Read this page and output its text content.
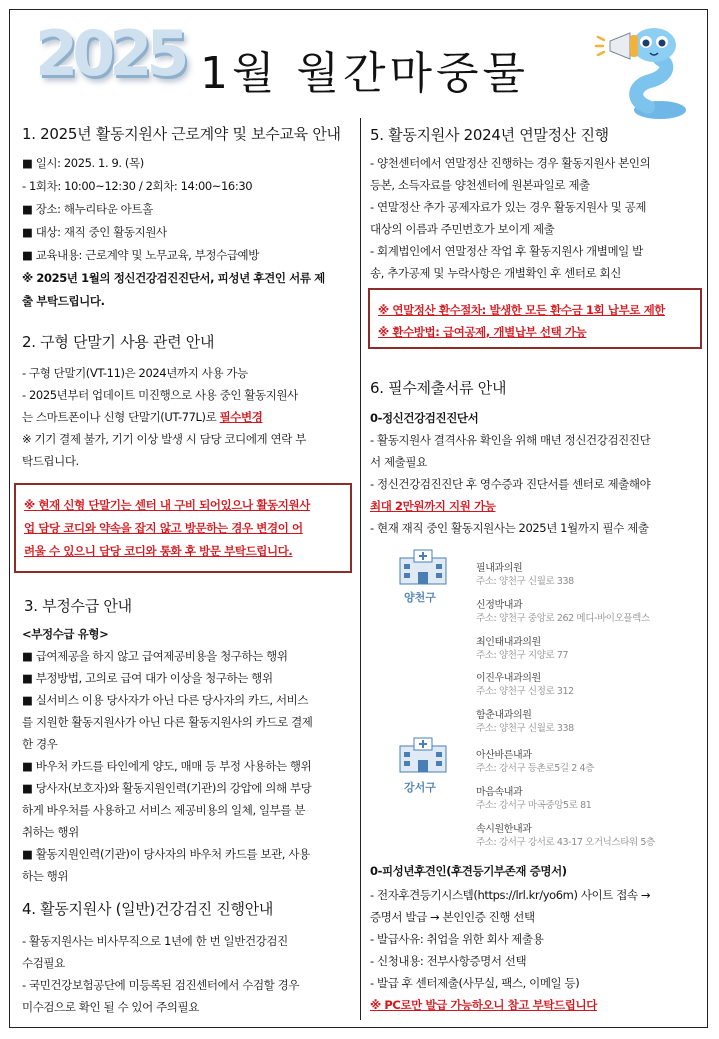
2025 1월 월간마중물
1. 2025년 활동지원사 근로계약 및 보수교육 안내
■ 일시: 2025. 1. 9. (목)
- 1회차: 10:00~12:30 / 2회차: 14:00~16:30
■ 장소: 해누리타운 아트홀
■ 대상: 재직 중인 활동지원사
■ 교육내용: 근로계약 및 노무교육, 부정수급예방
※ 2025년 1월의 정신건강검진진단서, 피성년 후견인 서류 제
출 부탁드립니다.
2. 구형 단말기 사용 관련 안내
- 구형 단말기(VT-11)은 2024년까지 사용 가능
- 2025년부터 업데이트 미진행으로 사용 중인 활동지원사
는 스마트폰이나 신형 단말기(UT-77L)로 필수변경
※ 기기 결제 불가, 기기 이상 발생 시 담당 코디에게 연락 부
탁드립니다.
※ 현재 신형 단말기는 센터 내 구비 되어있으나 활동지원사
업 담당 코디와 약속을 잡지 않고 방문하는 경우 변경이 어
려울 수 있으니 담당 코디와 통화 후 방문 부탁드립니다.
3. 부정수급 안내
<부정수급 유형>
■ 급여제공을 하지 않고 급여제공비용을 청구하는 행위
■ 부정방법, 고의로 급여 대가 이상을 청구하는 행위
■ 실서비스 이용 당사자가 아닌 다른 당사자의 카드, 서비스
를 지원한 활동지원사가 아닌 다른 활동지원사의 카드로 결제
한 경우
■ 바우처 카드를 타인에게 양도, 매매 등 부정 사용하는 행위
■ 당사자(보호자)와 활동지원인력(기관)의 강압에 의해 부당
하게 바우처를 사용하고 서비스 제공비용의 일체, 일부를 분
취하는 행위
■ 활동지원인력(기관)이 당사자의 바우처 카드를 보관, 사용
하는 행위
4. 활동지원사 (일반)건강검진 진행안내
- 활동지원사는 비사무직으로 1년에 한 번 일반건강검진
수검필요
- 국민건강보험공단에 미등록된 검진센터에서 수검할 경우
미수검으로 확인 될 수 있어 주의필요
5. 활동지원사 2024년 연말정산 진행
- 양천센터에서 연말정산 진행하는 경우 활동지원사 본인의
등본, 소득자료를 양천센터에 원본파일로 제출
- 연말정산 추가 공제자료가 있는 경우 활동지원사 및 공제
대상의 이름과 주민번호가 보이게 제출
- 회계법인에서 연말정산 작업 후 활동지원사 개별메일 발
송, 추가공제 및 누락사항은 개별확인 후 센터로 회신
※ 연말정산 환수절차: 발생한 모든 환수금 1회 납부로 제한
※ 환수방법: 급여공제, 개별납부 선택 가능
6. 필수제출서류 안내
0-정신건강검진진단서
- 활동지원사 결격사유 확인을 위해 매년 정신건강검진진단
서 제출필요
- 정신건강검진진단 후 영수증과 진단서를 센터로 제출해야
최대 2만원까지 지원 가능
- 현재 재직 중인 활동지원사는 2025년 1월까지 필수 제출
양천구
필내과의원
주소: 양천구 신월로 338
신정박내과
주소: 양천구 중앙로 262 메디-바이오플렉스
최인태내과의원
주소: 양천구 지양로 77
이진우내과의원
주소: 양천구 신정로 312
함춘내과의원
주소: 양천구 신월로 338
강서구
아산바른내과
주소: 강서구 등촌로5길 2 4층
마음속내과
주소: 강서구 마곡중앙5로 81
속시원한내과
주소: 강서구 강서로 43-17 오거닉스타워 5층
0-피성년후견인(후견등기부존재 증명서)
- 전자후견등기시스템(https://lrl.kr/yo6m) 사이트 접속 →
증명서 발급 → 본인인증 진행 선택
- 발급사유: 취업을 위한 회사 제출용
- 신청내용: 전부사항증명서 선택
- 발급 후 센터제출(사무실, 팩스, 이메일 등)
※ PC로만 발급 가능하오니 참고 부탁드립니다
